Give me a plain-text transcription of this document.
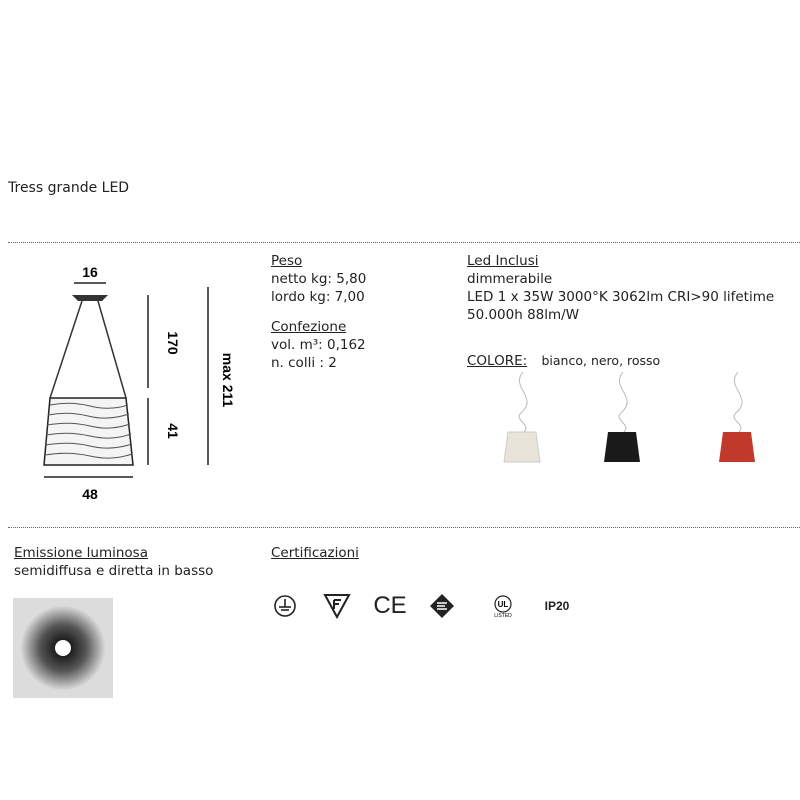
Tress grande LED
16
48
170
41
max 211
Peso
netto kg: 5,80
lordo kg: 7,00
Confezione
vol. m³: 0,162
n. colli : 2
Led Inclusi
dimmerabile
LED 1 x 35W 3000°K 3062lm CRI>90 lifetime
50.000h 88lm/W
COLORE: bianco, nero, rosso
Emissione luminosa
semidiffusa e diretta in basso
Certificazioni
CE	UL
LISTED
IP20
